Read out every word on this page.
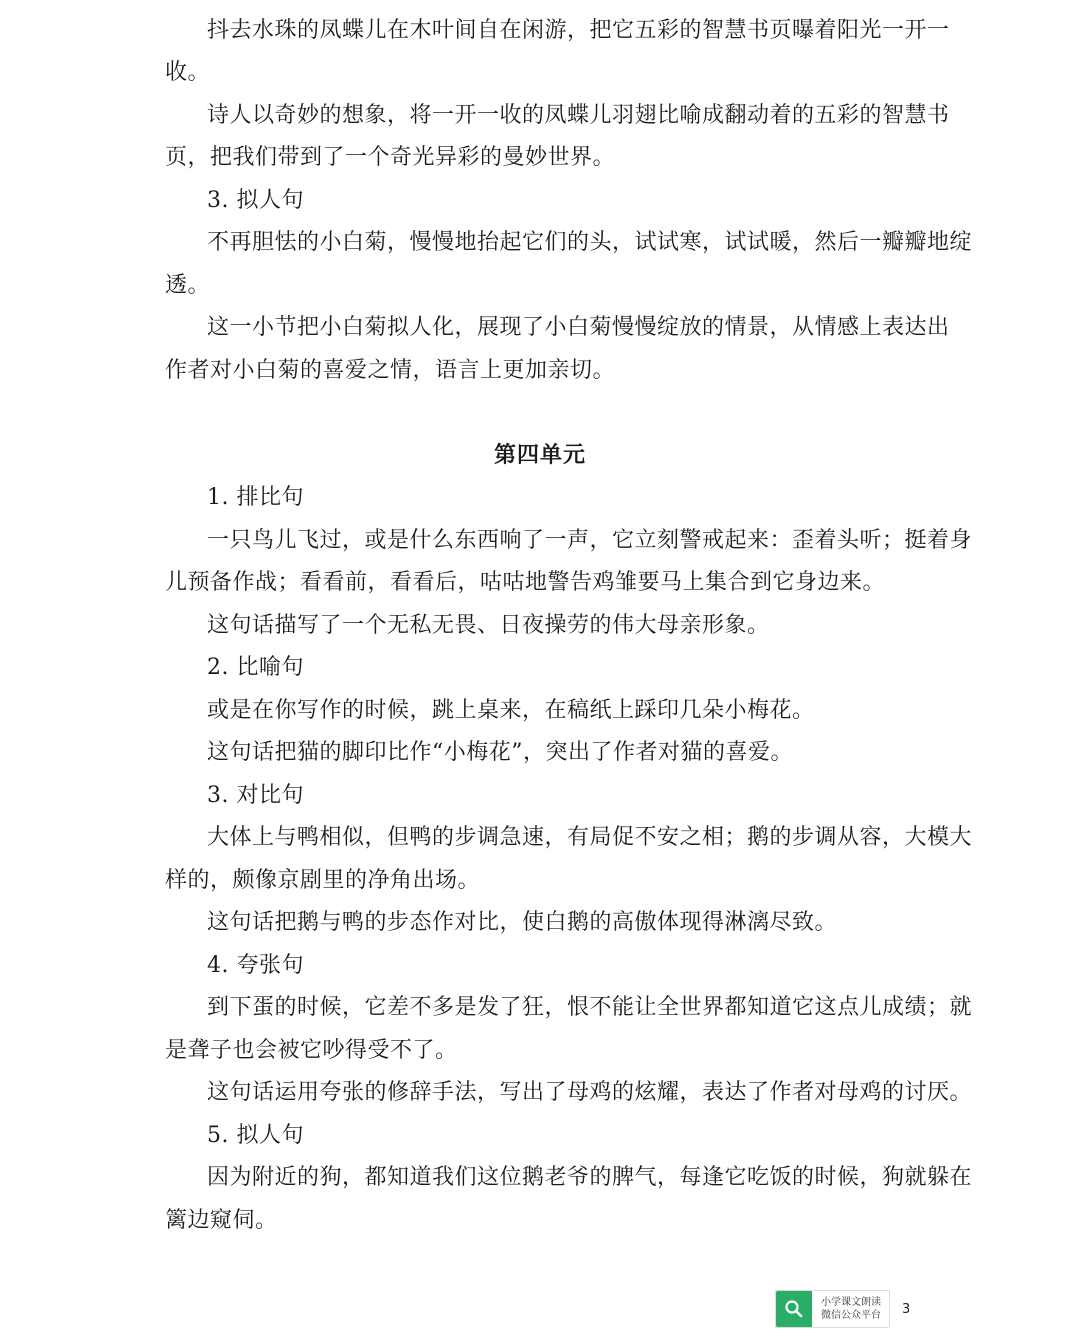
抖去水珠的凤蝶儿在木叶间自在闲游，把它五彩的智慧书页曝着阳光一开一
收。
诗人以奇妙的想象，将一开一收的凤蝶儿羽翅比喻成翻动着的五彩的智慧书
页，把我们带到了一个奇光异彩的曼妙世界。
3. 拟人句
不再胆怯的小白菊，慢慢地抬起它们的头，试试寒，试试暖，然后一瓣瓣地绽
透。
这一小节把小白菊拟人化，展现了小白菊慢慢绽放的情景，从情感上表达出
作者对小白菊的喜爱之情，语言上更加亲切。
第四单元
1. 排比句
一只鸟儿飞过，或是什么东西响了一声，它立刻警戒起来：歪着头听；挺着身
儿预备作战；看看前，看看后，咕咕地警告鸡雏要马上集合到它身边来。
这句话描写了一个无私无畏、日夜操劳的伟大母亲形象。
2. 比喻句
或是在你写作的时候，跳上桌来，在稿纸上踩印几朵小梅花。
这句话把猫的脚印比作“小梅花”，突出了作者对猫的喜爱。
3. 对比句
大体上与鸭相似，但鸭的步调急速，有局促不安之相；鹅的步调从容，大模大
样的，颇像京剧里的净角出场。
这句话把鹅与鸭的步态作对比，使白鹅的高傲体现得淋漓尽致。
4. 夸张句
到下蛋的时候，它差不多是发了狂，恨不能让全世界都知道它这点儿成绩；就
是聋子也会被它吵得受不了。
这句话运用夸张的修辞手法，写出了母鸡的炫耀，表达了作者对母鸡的讨厌。
5. 拟人句
因为附近的狗，都知道我们这位鹅老爷的脾气，每逢它吃饭的时候，狗就躲在
篱边窥伺。
小学课文朗读
微信公众平台 3
